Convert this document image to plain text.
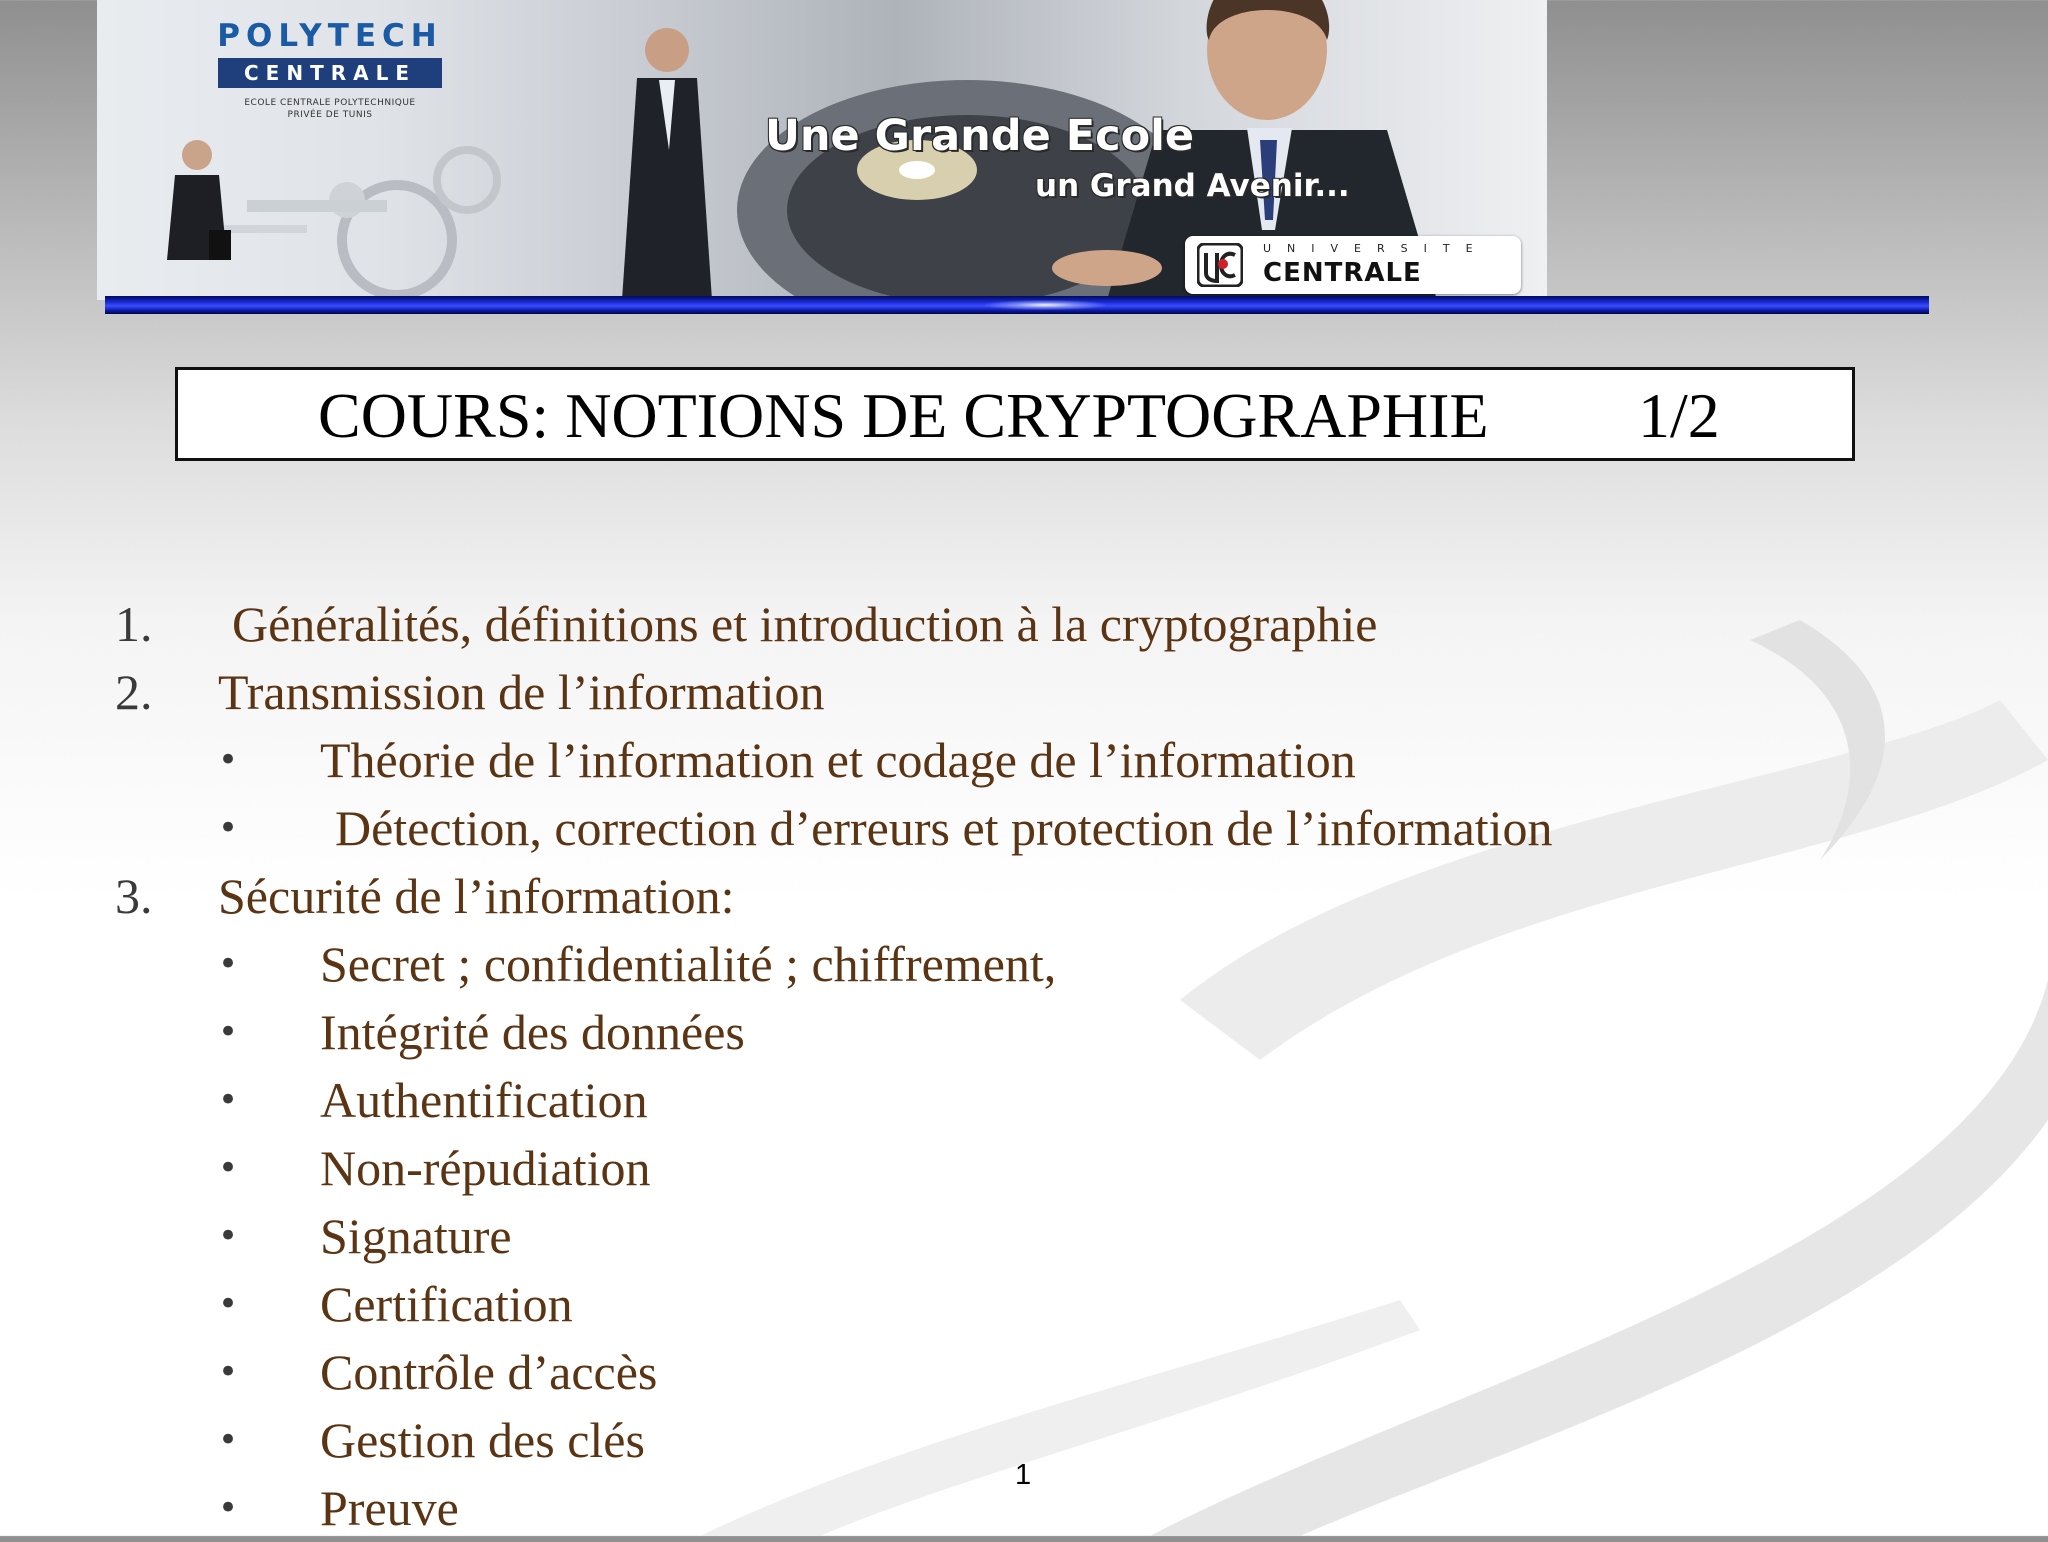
POLYTECH
CENTRALE
ECOLE CENTRALE POLYTECHNIQUE
PRIVÉE DE TUNIS	Une Grande Ecole
un Grand Avenir...
UNIVERSITE
CENTRALE
COURS: NOTIONS DE CRYPTOGRAPHIE 1/2
1. Généralités, définitions et introduction à la cryptographie
2. Transmission de l’information
• Théorie de l’information et codage de l’information
• Détection, correction d’erreurs et protection de l’information
3. Sécurité de l’information:
• Secret ; confidentialité ; chiffrement,
• Intégrité des données
• Authentification
• Non-répudiation
• Signature
• Certification
• Contrôle d’accès
• Gestion des clés
• Preuve
1
